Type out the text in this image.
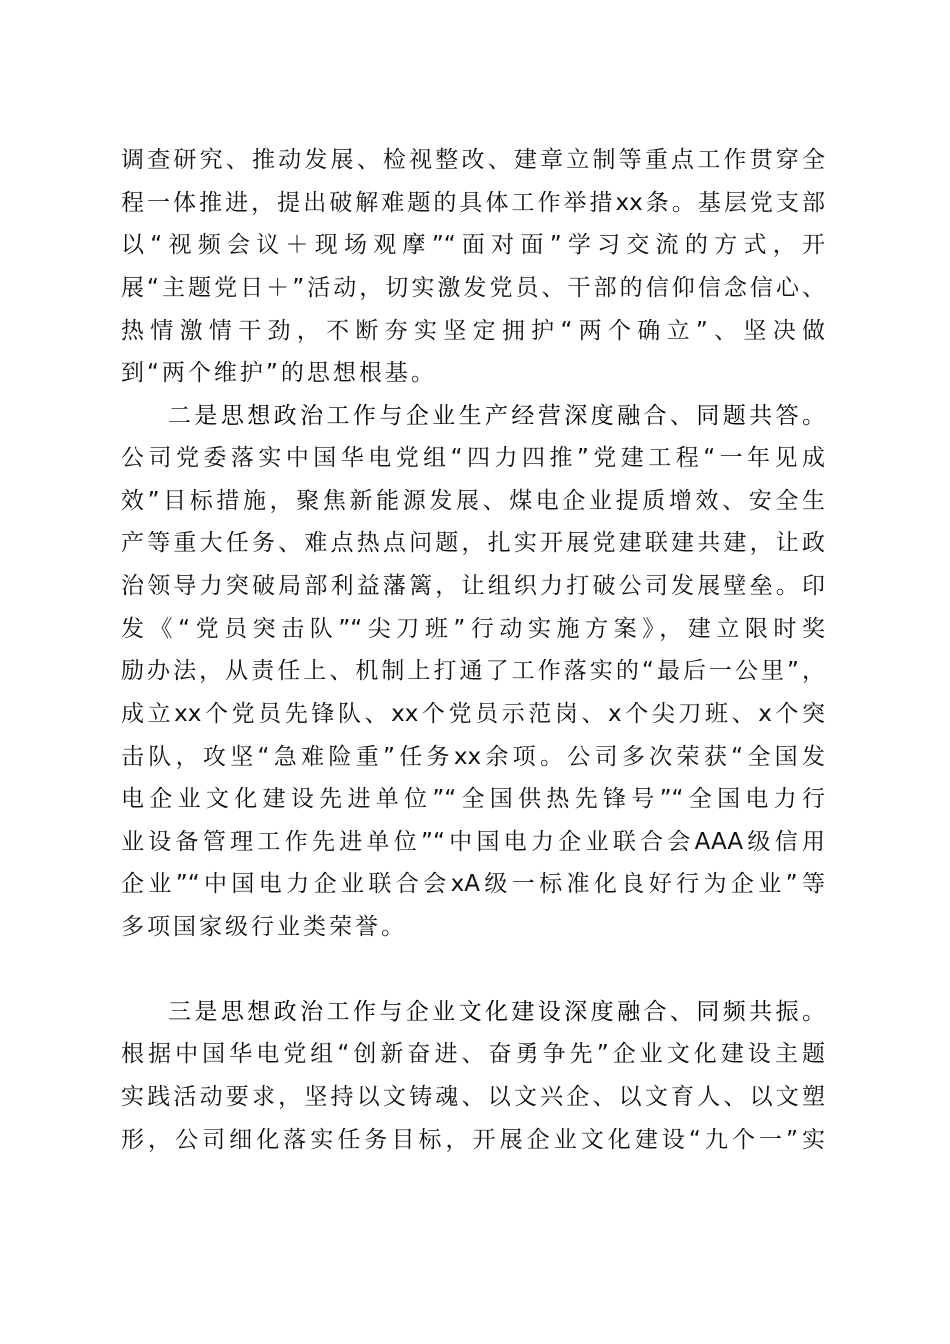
调查研究、推动发展、检视整改、建章立制等重点工作贯穿全
程一体推进，提出破解难题的具体工作举措xx条。基层党支部
以“视频会议＋现场观摩”“面对面”学习交流的方式，开
展“主题党日＋”活动，切实激发党员、干部的信仰信念信心、
热情激情干劲，不断夯实坚定拥护“两个确立”、坚决做
到“两个维护”的思想根基。
二是思想政治工作与企业生产经营深度融合、同题共答。
公司党委落实中国华电党组“四力四推”党建工程“一年见成
效”目标措施，聚焦新能源发展、煤电企业提质增效、安全生
产等重大任务、难点热点问题，扎实开展党建联建共建，让政
治领导力突破局部利益藩篱，让组织力打破公司发展壁垒。印
发《“党员突击队”“尖刀班”行动实施方案》，建立限时奖
励办法，从责任上、机制上打通了工作落实的“最后一公里”，
成立xx个党员先锋队、xx个党员示范岗、x个尖刀班、x个突
击队，攻坚“急难险重”任务xx余项。公司多次荣获“全国发
电企业文化建设先进单位”“全国供热先锋号”“全国电力行
业设备管理工作先进单位”“中国电力企业联合会AAA级信用
企业”“中国电力企业联合会xA级一标准化良好行为企业”等
多项国家级行业类荣誉。
三是思想政治工作与企业文化建设深度融合、同频共振。
根据中国华电党组“创新奋进、奋勇争先”企业文化建设主题
实践活动要求，坚持以文铸魂、以文兴企、以文育人、以文塑
形，公司细化落实任务目标，开展企业文化建设“九个一”实
